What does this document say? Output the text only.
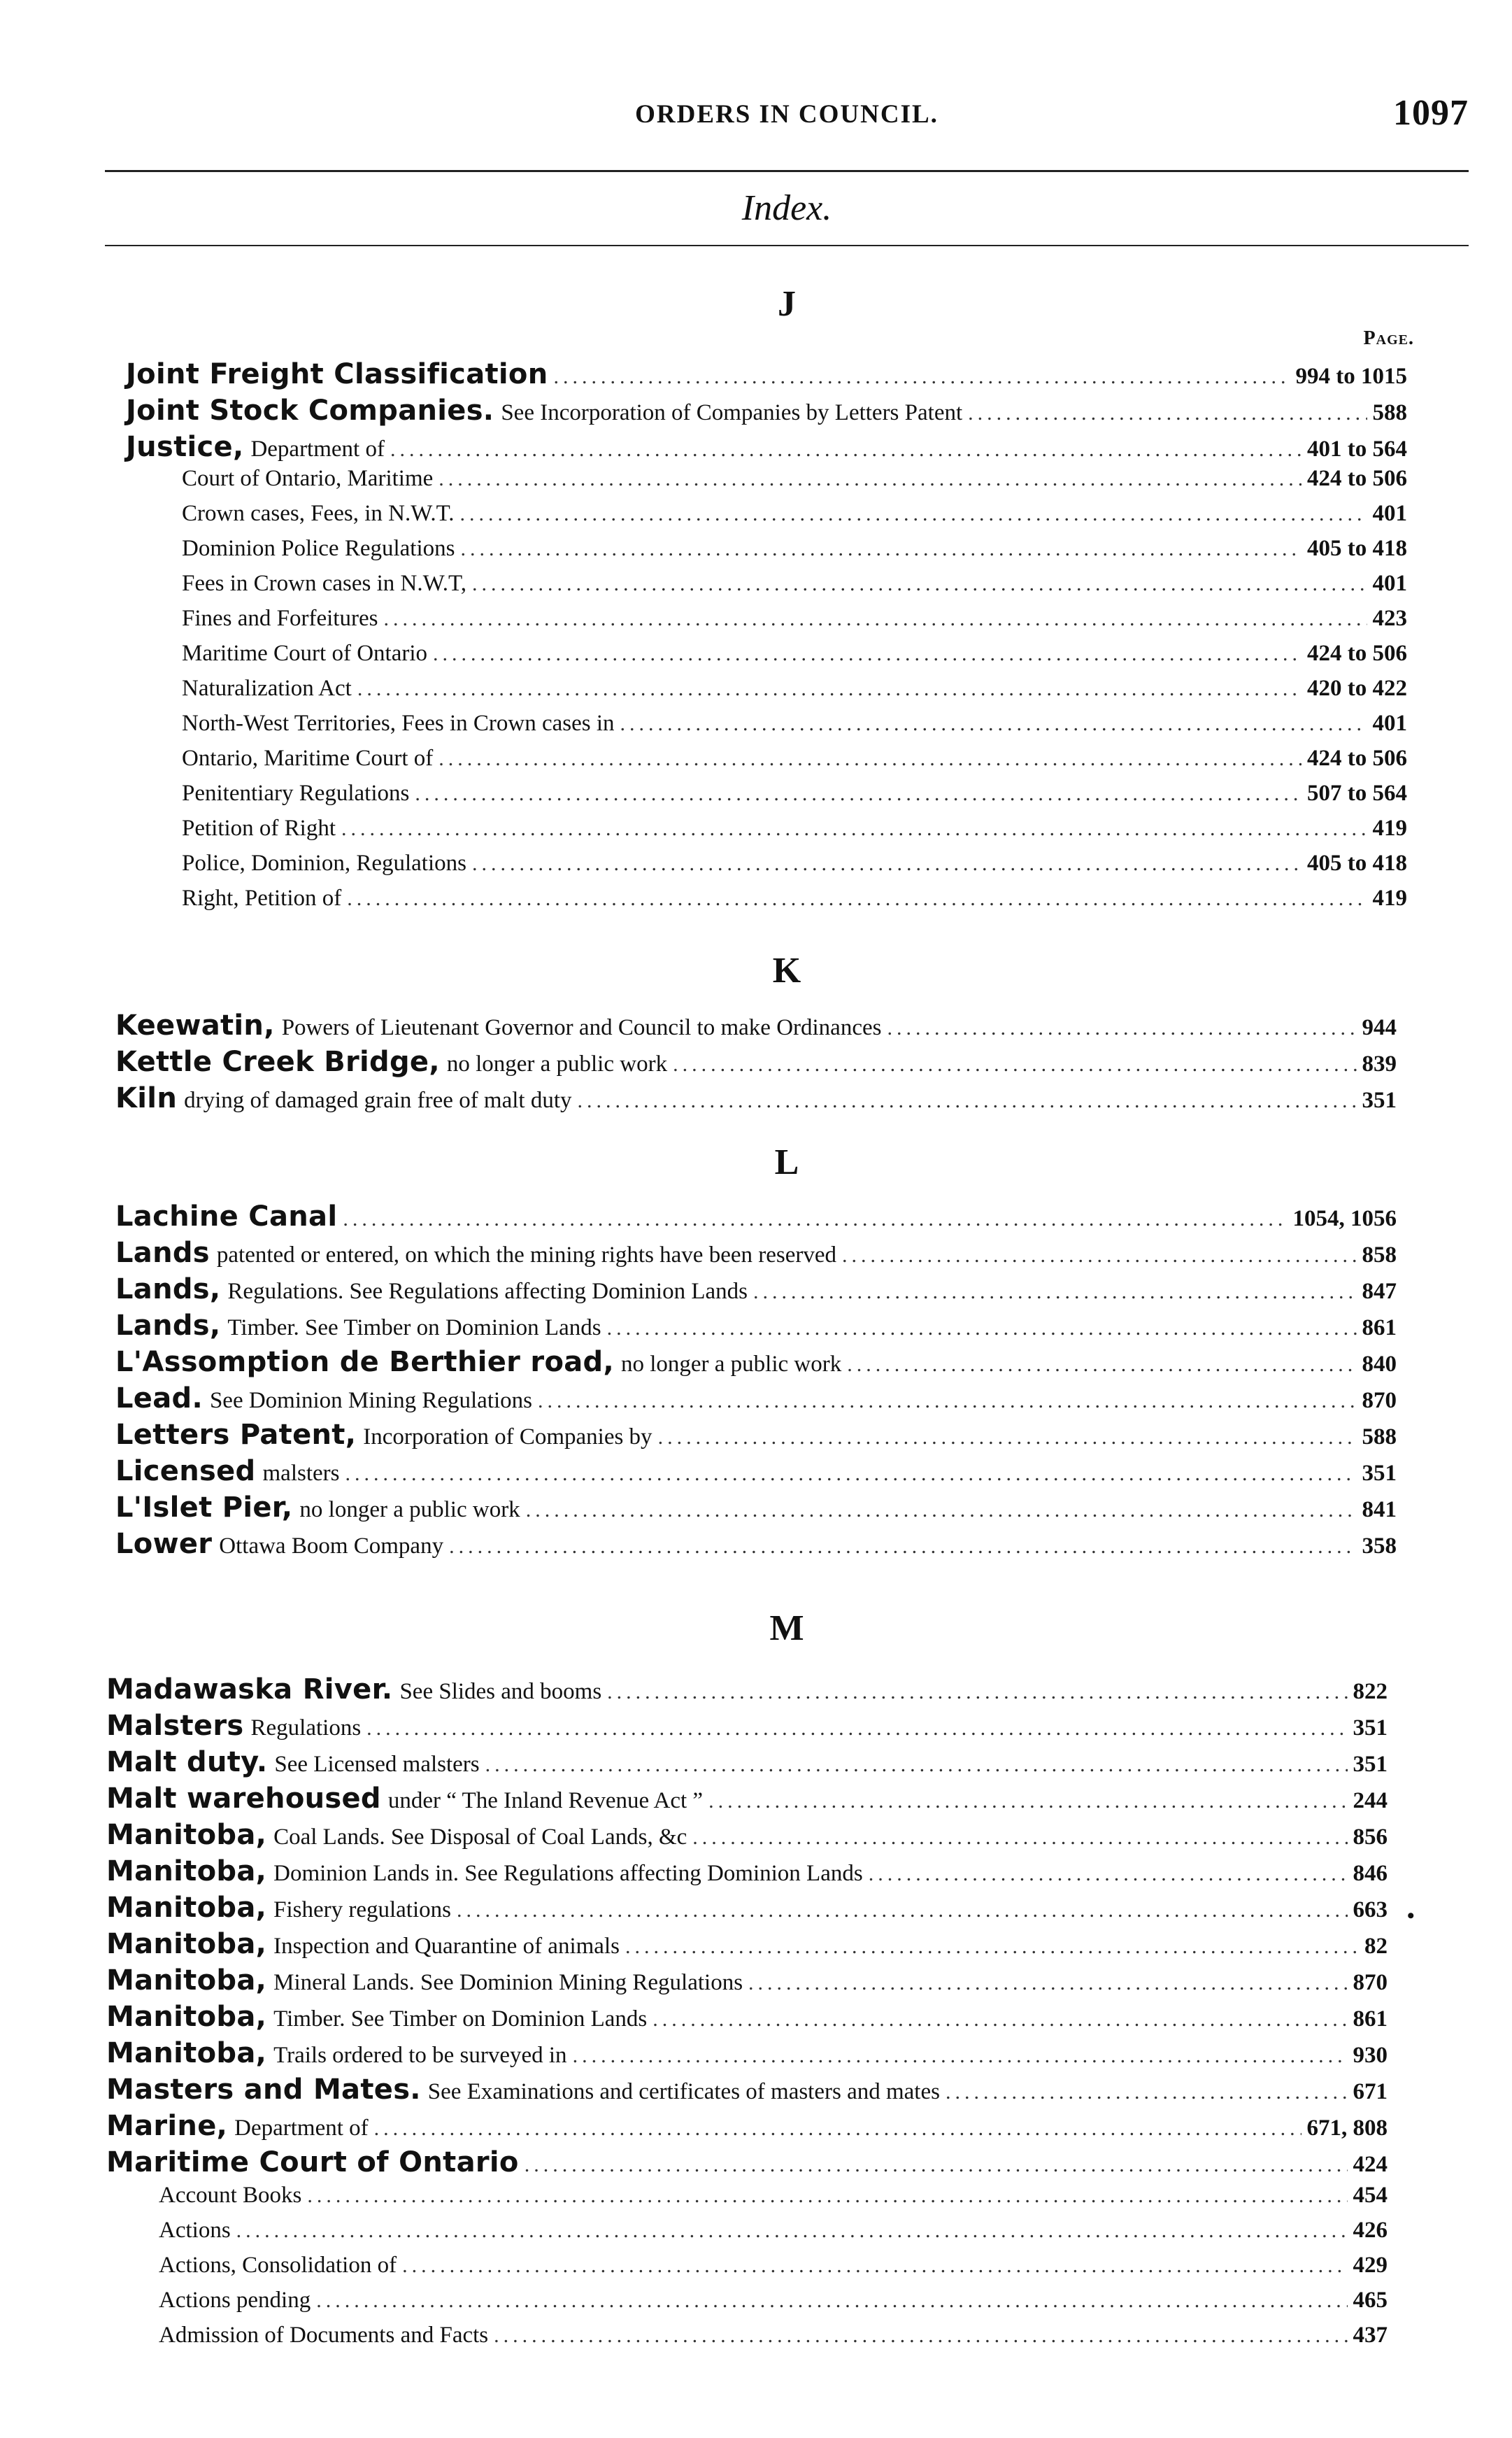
ORDERS IN COUNCIL.	1097
Index.
J
Page.
Joint Freight Classification .....	994 to 1015
Joint Stock Companies. See Incorporation of Companies by Letters Patent .....	588
Justice, Department of .....	401 to 564
Court of Ontario, Maritime .....	424 to 506
Crown cases, Fees, in N.W.T. .....	401
Dominion Police Regulations .....	405 to 418
Fees in Crown cases in N.W.T, .....	401
Fines and Forfeitures .....	423
Maritime Court of Ontario .....	424 to 506
Naturalization Act .....	420 to 422
North-West Territories, Fees in Crown cases in .....	401
Ontario, Maritime Court of .....	424 to 506
Penitentiary Regulations .....	507 to 564
Petition of Right .....	419
Police, Dominion, Regulations .....	405 to 418
Right, Petition of .....	419
K
Keewatin, Powers of Lieutenant Governor and Council to make Ordinances .....	944
Kettle Creek Bridge, no longer a public work .....	839
Kiln drying of damaged grain free of malt duty .....	351
L
Lachine Canal .....	1054, 1056
Lands patented or entered, on which the mining rights have been reserved .....	858
Lands, Regulations. See Regulations affecting Dominion Lands .....	847
Lands, Timber. See Timber on Dominion Lands .....	861
L'Assomption de Berthier road, no longer a public work .....	840
Lead. See Dominion Mining Regulations .....	870
Letters Patent, Incorporation of Companies by .....	588
Licensed malsters .....	351
L'Islet Pier, no longer a public work .....	841
Lower Ottawa Boom Company .....	358
M
Madawaska River. See Slides and booms .....	822
Malsters Regulations .....	351
Malt duty. See Licensed malsters .....	351
Malt warehoused under “ The Inland Revenue Act ” .....	244
Manitoba, Coal Lands. See Disposal of Coal Lands, &c .....	856
Manitoba, Dominion Lands in. See Regulations affecting Dominion Lands .....	846
Manitoba, Fishery regulations .....	663
Manitoba, Inspection and Quarantine of animals .....	82
Manitoba, Mineral Lands. See Dominion Mining Regulations .....	870
Manitoba, Timber. See Timber on Dominion Lands .....	861
Manitoba, Trails ordered to be surveyed in .....	930
Masters and Mates. See Examinations and certificates of masters and mates .....	671
Marine, Department of .....	671, 808
Maritime Court of Ontario .....	424
Account Books .....	454
Actions .....	426
Actions, Consolidation of .....	429
Actions pending .....	465
Admission of Documents and Facts .....	437
•
